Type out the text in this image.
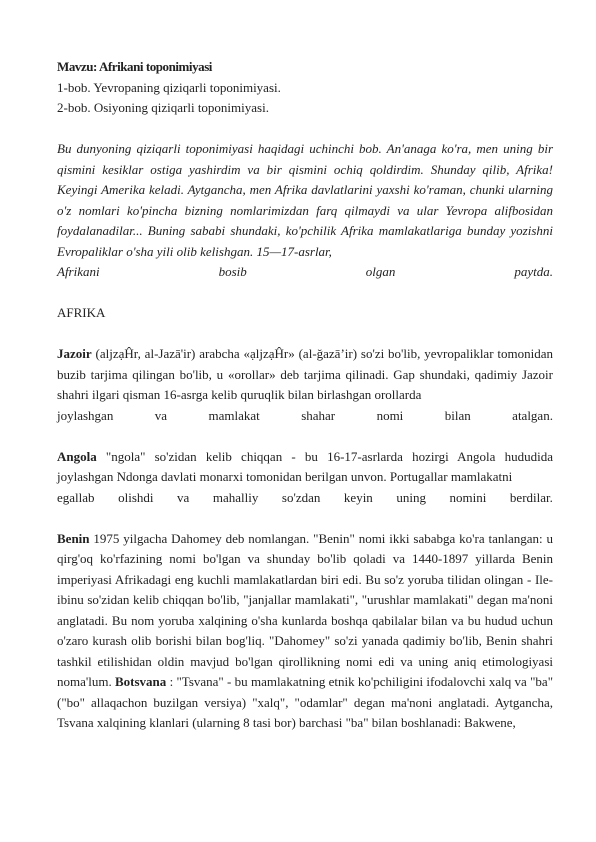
Mavzu: Afrikani toponimiyasi
1-bob. Yevropaning qiziqarli toponimiyasi.
2-bob. Osiyoning qiziqarli toponimiyasi.
Bu dunyoning qiziqarli toponimiyasi haqidagi uchinchi bob. An'anaga ko'ra, men uning bir qismini kesiklar ostiga yashirdim va bir qismini ochiq qoldirdim. Shunday qilib, Afrika! Keyingi Amerika keladi. Aytgancha, men Afrika davlatlarini yaxshi ko'raman, chunki ularning o'z nomlari ko'pincha bizning nomlarimizdan farq qilmaydi va ular Yevropa alifbosidan foydalanadilar... Buning sababi shundaki, ko'pchilik Afrika mamlakatlariga bunday yozishni Evropaliklar o'sha yili olib kelishgan. 15—17-asrlar,
Afrikani	bosib	olgan	paytda.
AFRIKA
Jazoir (aljzạĤr, al-Jazā'ir) arabcha «ạljzạĤr» (al-ğazā’ir) so'zi bo'lib, yevropaliklar tomonidan buzib tarjima qilingan bo'lib, u «orollar» deb tarjima qilinadi. Gap shundaki, qadimiy Jazoir shahri ilgari qisman 16-asrga kelib quruqlik bilan birlashgan orollarda
joylashgan	va	mamlakat	shahar	nomi	bilan	atalgan.
Angola "ngola" so'zidan kelib chiqqan - bu 16-17-asrlarda hozirgi Angola hududida joylashgan Ndonga davlati monarxi tomonidan berilgan unvon. Portugallar mamlakatni
egallab olishdi va mahalliy so'zdan keyin uning nomini berdilar.
Benin 1975 yilgacha Dahomey deb nomlangan. "Benin" nomi ikki sababga ko'ra tanlangan: u qirg'oq ko'rfazining nomi bo'lgan va shunday bo'lib qoladi va 1440-1897 yillarda Benin imperiyasi Afrikadagi eng kuchli mamlakatlardan biri edi. Bu so'z yoruba tilidan olingan - Ile-ibinu so'zidan kelib chiqqan bo'lib, "janjallar mamlakati", "urushlar mamlakati" degan ma'noni anglatadi. Bu nom yoruba xalqining o'sha kunlarda boshqa qabilalar bilan va bu hudud uchun o'zaro kurash olib borishi bilan bog'liq. "Dahomey" so'zi yanada qadimiy bo'lib, Benin shahri tashkil etilishidan oldin mavjud bo'lgan qirollikning nomi edi va uning aniq etimologiyasi noma'lum. Botsvana : "Tsvana" - bu mamlakatning etnik ko'pchiligini ifodalovchi xalq va "ba" ("bo" allaqachon buzilgan versiya) "xalq", "odamlar" degan ma'noni anglatadi. Aytgancha, Tsvana xalqining klanlari (ularning 8 tasi bor) barchasi "ba" bilan boshlanadi: Bakwene,
